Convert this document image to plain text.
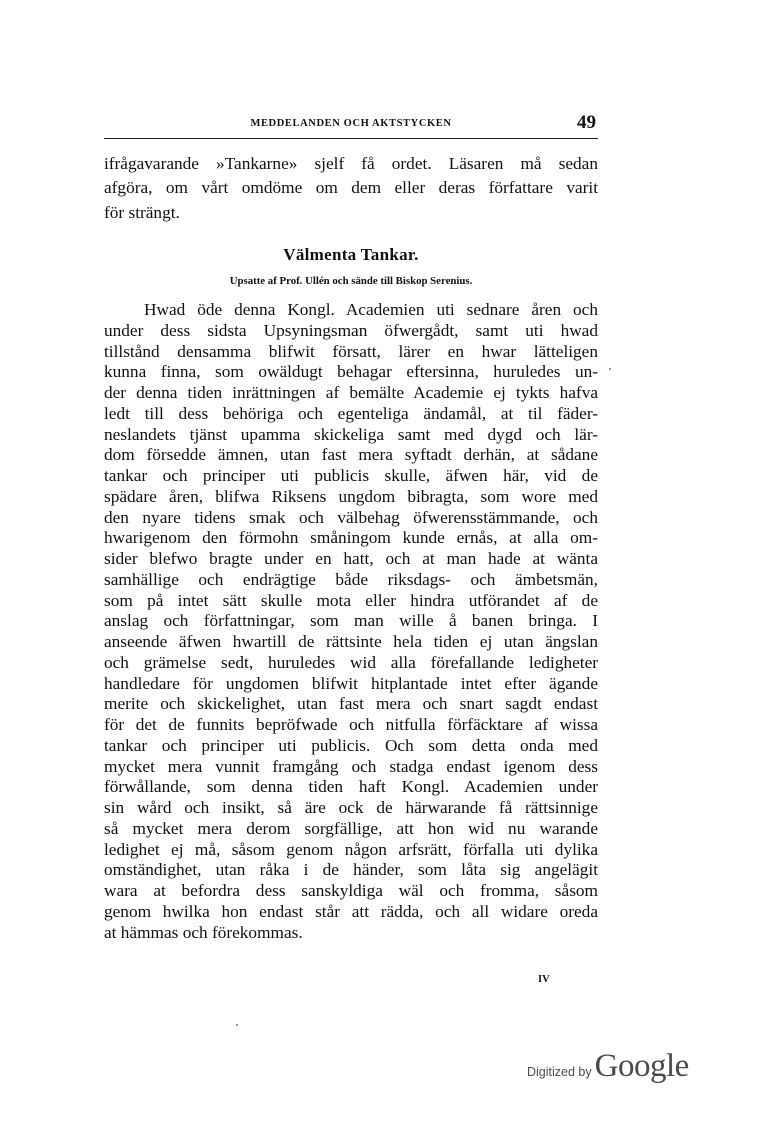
MEDDELANDEN OCH AKTSTYCKEN	49
ifrågavarande »Tankarne» sjelf få ordet. Läsaren må sedan
afgöra, om vårt omdöme om dem eller deras författare varit
för strängt.
Välmenta Tankar.
Upsatte af Prof. Ullén och sände till Biskop Serenius.
Hwad öde denna Kongl. Academien uti sednare åren och
under dess sidsta Upsyningsman öfwergådt, samt uti hwad
tillstånd densamma blifwit försatt, lärer en hwar lätteligen
kunna finna, som owäldugt behagar eftersinna, huruledes un-
der denna tiden inrättningen af bemälte Academie ej tykts hafva
ledt till dess behöriga och egenteliga ändamål, at til fäder-
neslandets tjänst upamma skickeliga samt med dygd och lär-
dom försedde ämnen, utan fast mera syftadt derhän, at sådane
tankar och principer uti publicis skulle, äfwen här, vid de
spädare åren, blifwa Riksens ungdom bibragta, som wore med
den nyare tidens smak och välbehag öfwerensstämmande, och
hwarigenom den förmohn småningom kunde ernås, at alla om-
sider blefwo bragte under en hatt, och at man hade at wänta
samhällige och endrägtige både riksdags- och ämbetsmän,
som på intet sätt skulle mota eller hindra utförandet af de
anslag och författningar, som man wille å banen bringa. I
anseende äfwen hwartill de rättsinte hela tiden ej utan ängslan
och grämelse sedt, huruledes wid alla förefallande ledigheter
handledare för ungdomen blifwit hitplantade intet efter ägande
merite och skickelighet, utan fast mera och snart sagdt endast
för det de funnits bepröfwade och nitfulla förfäcktare af wissa
tankar och principer uti publicis. Och som detta onda med
mycket mera vunnit framgång och stadga endast igenom dess
förwållande, som denna tiden haft Kongl. Academien under
sin wård och insikt, så äre ock de härwarande få rättsinnige
så mycket mera derom sorgfällige, att hon wid nu warande
ledighet ej må, såsom genom någon arfsrätt, förfalla uti dylika
omständighet, utan råka i de händer, som låta sig angelägit
wara at befordra dess sanskyldiga wäl och fromma, såsom
genom hwilka hon endast står att rädda, och all widare oreda
at hämmas och förekommas.
IV
Digitized by Google
